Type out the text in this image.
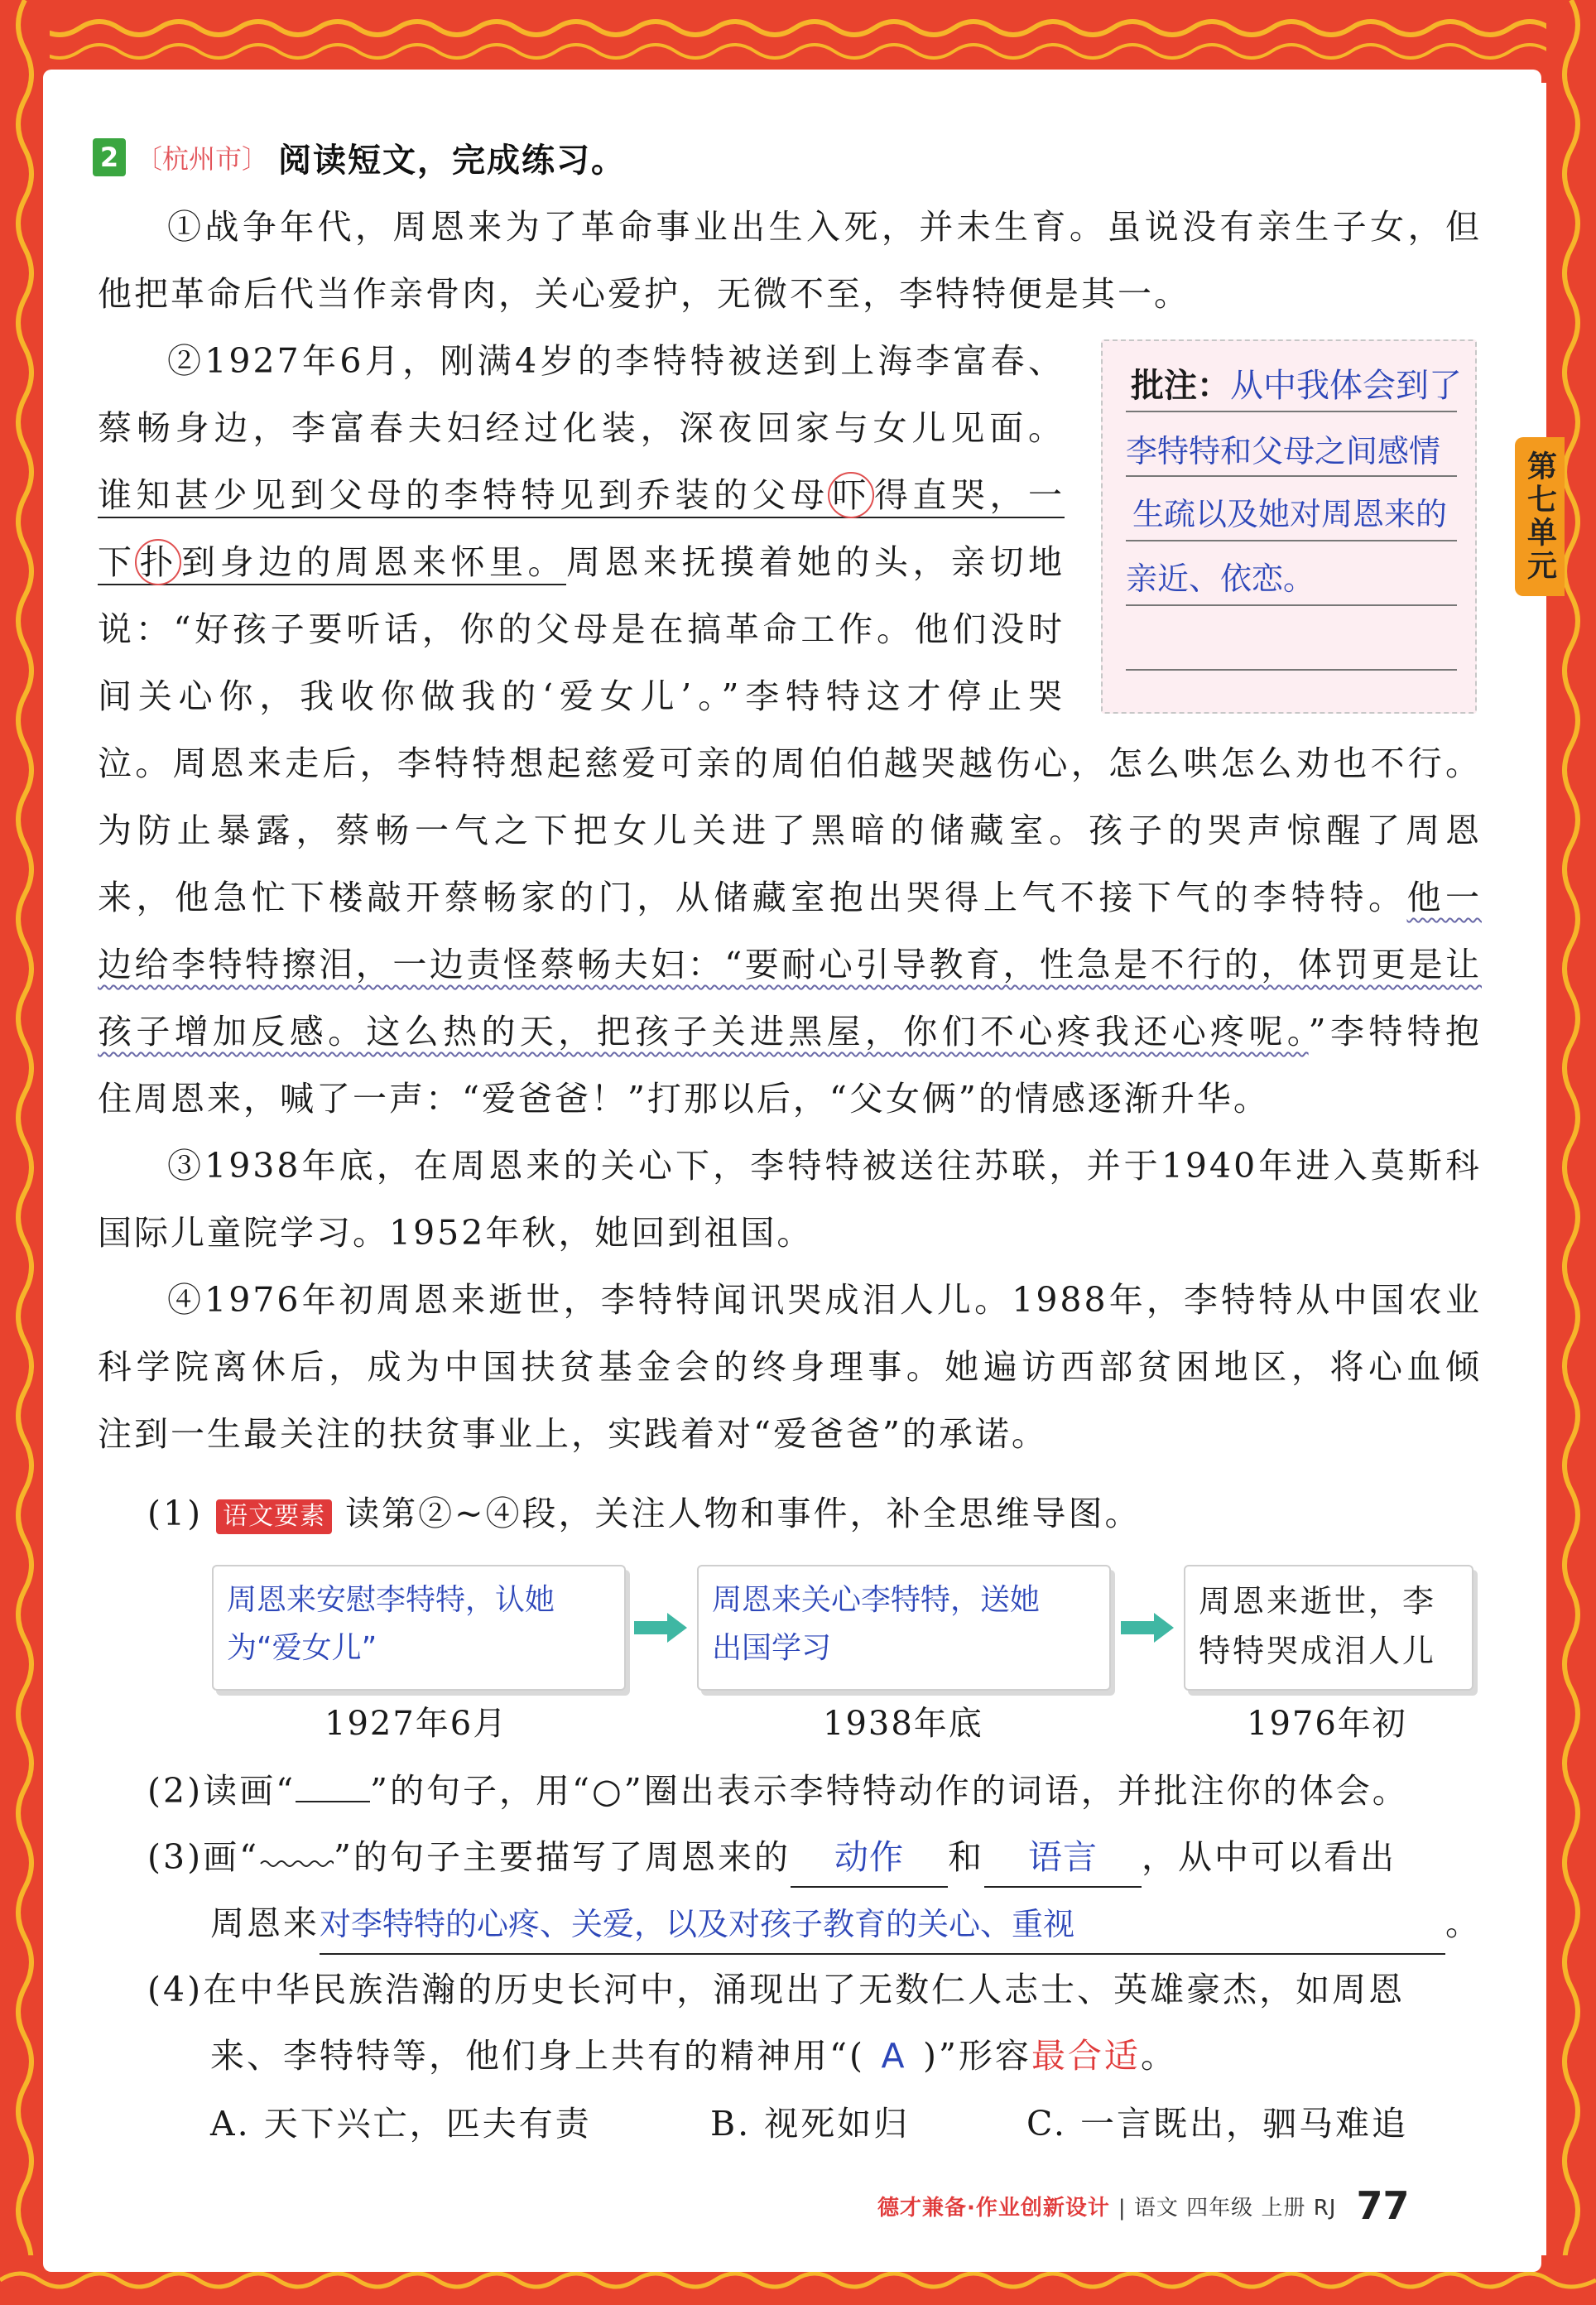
2 〔杭州市〕 阅读短文，完成练习。
①战争年代，周恩来为了革命事业出生入死，并未生育。虽说没有亲生子女，但
他把革命后代当作亲骨肉，关心爱护，无微不至，李特特便是其一。
②1927年6月，刚满4岁的李特特被送到上海李富春、
蔡畅身边，李富春夫妇经过化装，深夜回家与女儿见面。
谁知甚少见到父母的李特特见到乔装的父母吓得直哭，一
下扑到身边的周恩来怀里。周恩来抚摸着她的头，亲切地
说：“好孩子要听话，你的父母是在搞革命工作。他们没时
间关心你，我收你做我的‘爱女儿’。”李特特这才停止哭
泣。周恩来走后，李特特想起慈爱可亲的周伯伯越哭越伤心，怎么哄怎么劝也不行。
为防止暴露，蔡畅一气之下把女儿关进了黑暗的储藏室。孩子的哭声惊醒了周恩
来，他急忙下楼敲开蔡畅家的门，从储藏室抱出哭得上气不接下气的李特特。他一
边给李特特擦泪，一边责怪蔡畅夫妇：“要耐心引导教育，性急是不行的，体罚更是让
孩子增加反感。这么热的天，把孩子关进黑屋，你们不心疼我还心疼呢。”李特特抱
住周恩来，喊了一声：“爱爸爸！”打那以后，“父女俩”的情感逐渐升华。
③1938年底，在周恩来的关心下，李特特被送往苏联，并于1940年进入莫斯科
国际儿童院学习。1952年秋，她回到祖国。
④1976年初周恩来逝世，李特特闻讯哭成泪人儿。1988年，李特特从中国农业
科学院离休后，成为中国扶贫基金会的终身理事。她遍访西部贫困地区，将心血倾
注到一生最关注的扶贫事业上，实践着对“爱爸爸”的承诺。
批注：从中我体会到了
李特特和父母之间感情
生疏以及她对周恩来的
亲近、依恋。	第七单元
(1) 语文要素 读第②~④段，关注人物和事件，补全思维导图。
周恩来安慰李特特，认她
为“爱女儿”
周恩来关心李特特，送她
出国学习
周恩来逝世，李
特特哭成泪人儿
1927年6月	1938年底	1976年初
(2)读画“ ”的句子，用“○”圈出表示李特特动作的词语，并批注你的体会。
(3)画“ ”的句子主要描写了周恩来的 动作 和 语言 ，从中可以看出
周恩来对李特特的心疼、关爱，以及对孩子教育的关心、重视	。
(4)在中华民族浩瀚的历史长河中，涌现出了无数仁人志士、英雄豪杰，如周恩
来、李特特等，他们身上共有的精神用“( A )”形容最合适。
A. 天下兴亡，匹夫有责	B. 视死如归	C. 一言既出，驷马难追
德才兼备·作业创新设计 | 语文 四年级 上册 RJ 77
